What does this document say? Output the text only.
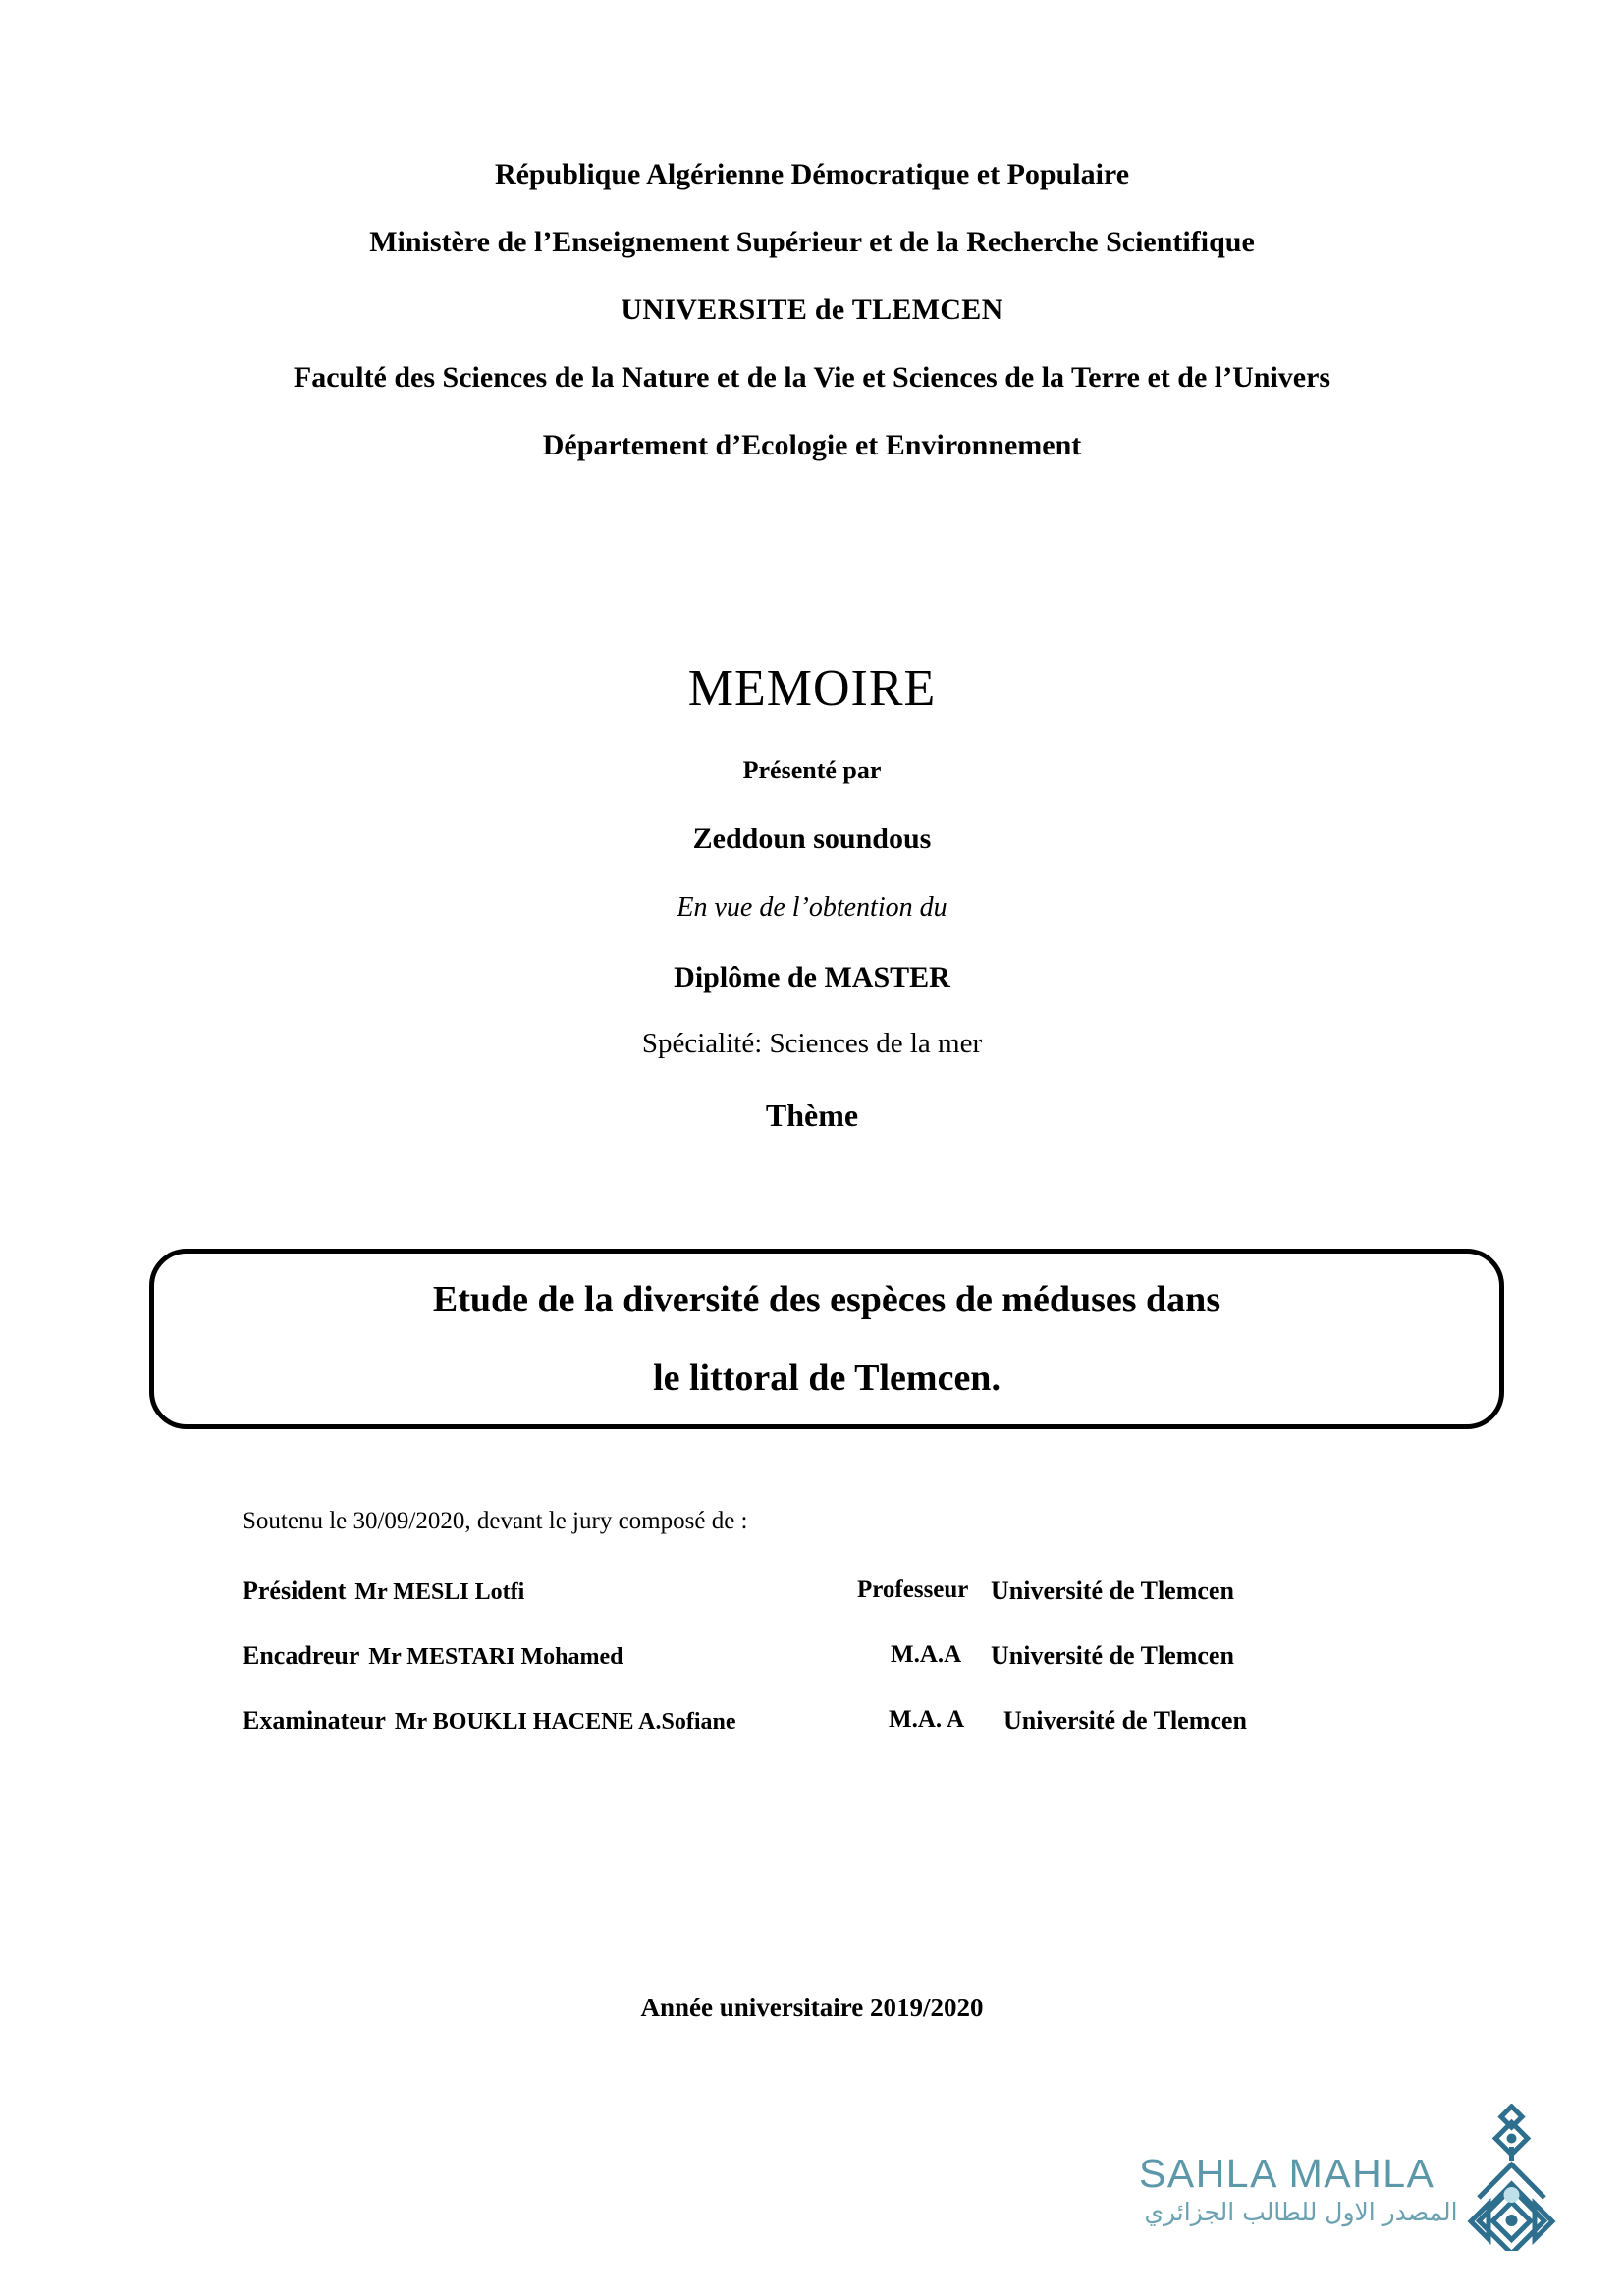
République Algérienne Démocratique et Populaire
Ministère de l’Enseignement Supérieur et de la Recherche Scientifique
UNIVERSITE de TLEMCEN
Faculté des Sciences de la Nature et de la Vie et Sciences de la Terre et de l’Univers
Département d’Ecologie et Environnement
MEMOIRE
Présenté par
Zeddoun soundous
En vue de l’obtention du
Diplôme de MASTER
Spécialité: Sciences de la mer
Thème
Etude de la diversité des espèces de méduses dans
le littoral de Tlemcen.
Soutenu le 30/09/2020, devant le jury composé de :
Président Mr MESLI Lotfi	Professeur Université de Tlemcen
Encadreur Mr MESTARI Mohamed	M.A.A Université de Tlemcen
Examinateur Mr BOUKLI HACENE A.Sofiane	M.A. A Université de Tlemcen
Année universitaire 2019/2020
SAHLA MAHLA
المصدر الاول للطالب الجزائري
